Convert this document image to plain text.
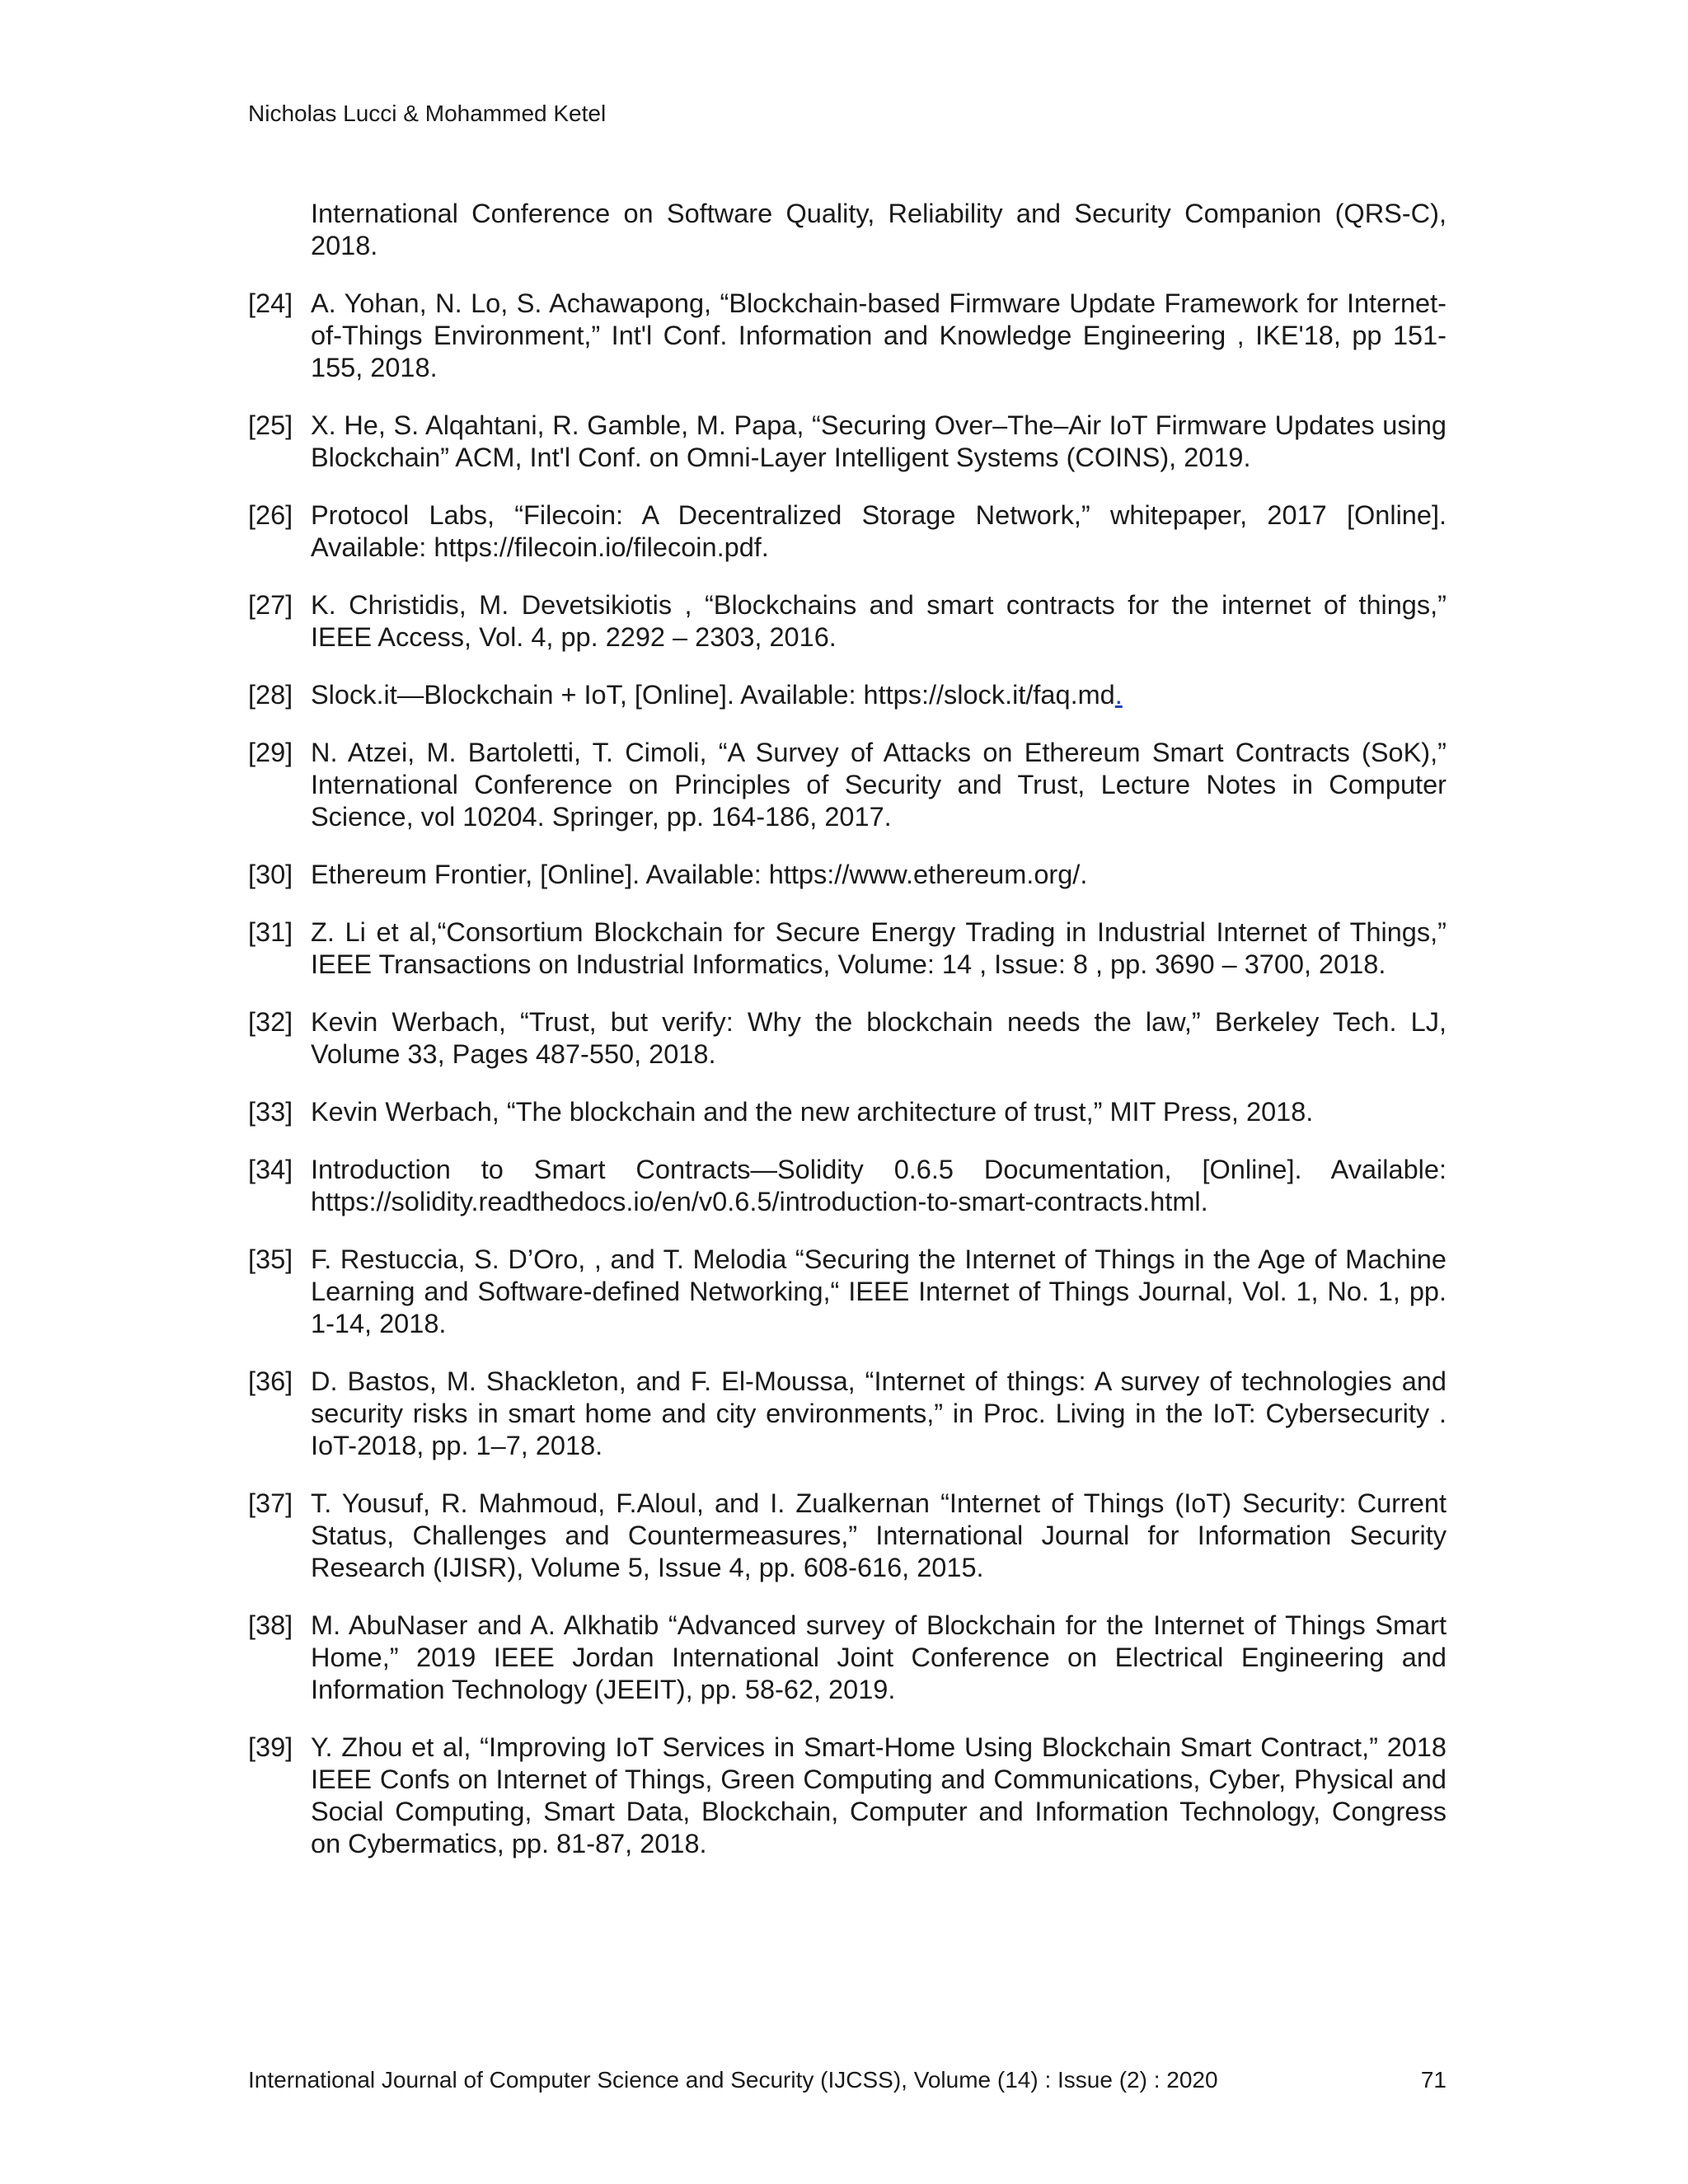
Nicholas Lucci & Mohammed Ketel
International Conference on Software Quality, Reliability and Security Companion (QRS-C), 2018.
[24] A. Yohan, N. Lo, S. Achawapong, “Blockchain-based Firmware Update Framework for Internet-of-Things Environment,” Int'l Conf. Information and Knowledge Engineering , IKE'18, pp 151-155, 2018.
[25] X. He, S. Alqahtani, R. Gamble, M. Papa, “Securing Over–The–Air IoT Firmware Updates using Blockchain” ACM, Int'l Conf. on Omni-Layer Intelligent Systems (COINS), 2019.
[26] Protocol Labs, “Filecoin: A Decentralized Storage Network,” whitepaper, 2017 [Online]. Available: https://filecoin.io/filecoin.pdf.
[27] K. Christidis, M. Devetsikiotis , “Blockchains and smart contracts for the internet of things,” IEEE Access, Vol. 4, pp. 2292 – 2303, 2016.
[28] Slock.it—Blockchain + IoT, [Online]. Available: https://slock.it/faq.md.
[29] N. Atzei, M. Bartoletti, T. Cimoli, “A Survey of Attacks on Ethereum Smart Contracts (SoK),” International Conference on Principles of Security and Trust, Lecture Notes in Computer Science, vol 10204. Springer, pp. 164-186, 2017.
[30] Ethereum Frontier, [Online]. Available: https://www.ethereum.org/.
[31] Z. Li et al,“Consortium Blockchain for Secure Energy Trading in Industrial Internet of Things,” IEEE Transactions on Industrial Informatics, Volume: 14 , Issue: 8 , pp. 3690 – 3700, 2018.
[32] Kevin Werbach, “Trust, but verify: Why the blockchain needs the law,” Berkeley Tech. LJ, Volume 33, Pages 487-550, 2018.
[33] Kevin Werbach, “The blockchain and the new architecture of trust,” MIT Press, 2018.
[34] Introduction to Smart Contracts—Solidity 0.6.5 Documentation, [Online]. Available: https://solidity.readthedocs.io/en/v0.6.5/introduction-to-smart-contracts.html.
[35] F. Restuccia, S. D’Oro, , and T. Melodia “Securing the Internet of Things in the Age of Machine Learning and Software-defined Networking,“ IEEE Internet of Things Journal, Vol. 1, No. 1, pp. 1-14, 2018.
[36] D. Bastos, M. Shackleton, and F. El-Moussa, “Internet of things: A survey of technologies and security risks in smart home and city environments,” in Proc. Living in the IoT: Cybersecurity . IoT-2018, pp. 1–7, 2018.
[37] T. Yousuf, R. Mahmoud, F.Aloul, and I. Zualkernan “Internet of Things (IoT) Security: Current Status, Challenges and Countermeasures,” International Journal for Information Security Research (IJISR), Volume 5, Issue 4, pp. 608-616, 2015.
[38] M. AbuNaser and A. Alkhatib “Advanced survey of Blockchain for the Internet of Things Smart Home,” 2019 IEEE Jordan International Joint Conference on Electrical Engineering and Information Technology (JEEIT), pp. 58-62, 2019.
[39] Y. Zhou et al, “Improving IoT Services in Smart-Home Using Blockchain Smart Contract,” 2018 IEEE Confs on Internet of Things, Green Computing and Communications, Cyber, Physical and Social Computing, Smart Data, Blockchain, Computer and Information Technology, Congress on Cybermatics, pp. 81-87, 2018.
International Journal of Computer Science and Security (IJCSS), Volume (14) : Issue (2) : 2020	71
